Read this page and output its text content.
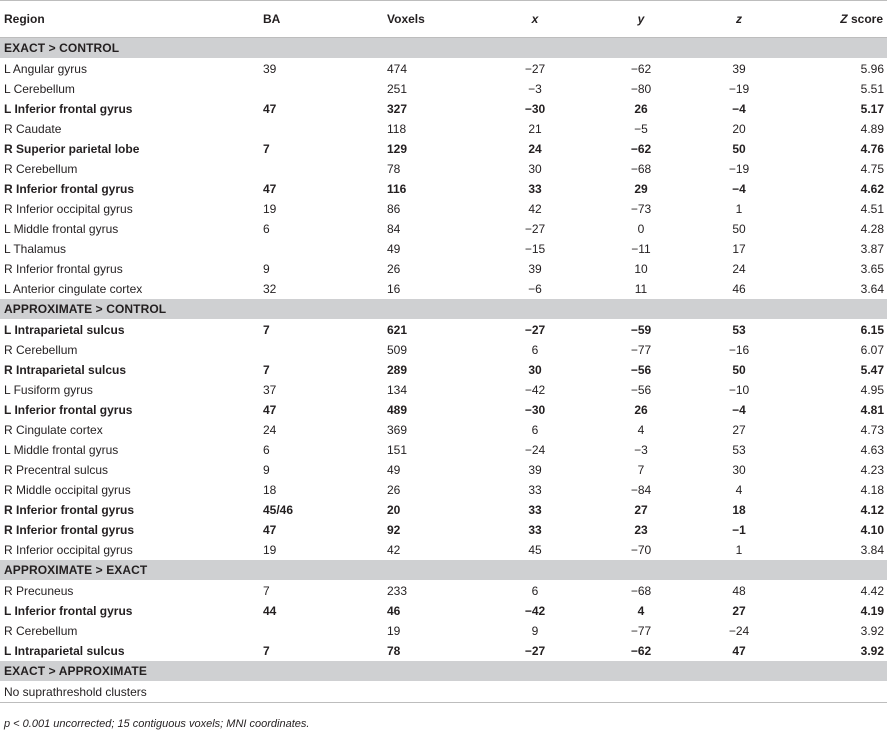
Region	BA	Voxels	x	y	z	Z score
EXACT > CONTROL						
L Angular gyrus	39	474	−27	−62	39	5.96
L Cerebellum		251	−3	−80	−19	5.51
L Inferior frontal gyrus	47	327	−30	26	−4	5.17
R Caudate		118	21	−5	20	4.89
R Superior parietal lobe	7	129	24	−62	50	4.76
R Cerebellum		78	30	−68	−19	4.75
R Inferior frontal gyrus	47	116	33	29	−4	4.62
R Inferior occipital gyrus	19	86	42	−73	1	4.51
L Middle frontal gyrus	6	84	−27	0	50	4.28
L Thalamus		49	−15	−11	17	3.87
R Inferior frontal gyrus	9	26	39	10	24	3.65
L Anterior cingulate cortex	32	16	−6	11	46	3.64
APPROXIMATE > CONTROL						
L Intraparietal sulcus	7	621	−27	−59	53	6.15
R Cerebellum		509	6	−77	−16	6.07
R Intraparietal sulcus	7	289	30	−56	50	5.47
L Fusiform gyrus	37	134	−42	−56	−10	4.95
L Inferior frontal gyrus	47	489	−30	26	−4	4.81
R Cingulate cortex	24	369	6	4	27	4.73
L Middle frontal gyrus	6	151	−24	−3	53	4.63
R Precentral sulcus	9	49	39	7	30	4.23
R Middle occipital gyrus	18	26	33	−84	4	4.18
R Inferior frontal gyrus	45/46	20	33	27	18	4.12
R Inferior frontal gyrus	47	92	33	23	−1	4.10
R Inferior occipital gyrus	19	42	45	−70	1	3.84
APPROXIMATE > EXACT						
R Precuneus	7	233	6	−68	48	4.42
L Inferior frontal gyrus	44	46	−42	4	27	4.19
R Cerebellum		19	9	−77	−24	3.92
L Intraparietal sulcus	7	78	−27	−62	47	3.92
EXACT > APPROXIMATE						
No suprathreshold clusters						
p < 0.001 uncorrected; 15 contiguous voxels; MNI coordinates.
